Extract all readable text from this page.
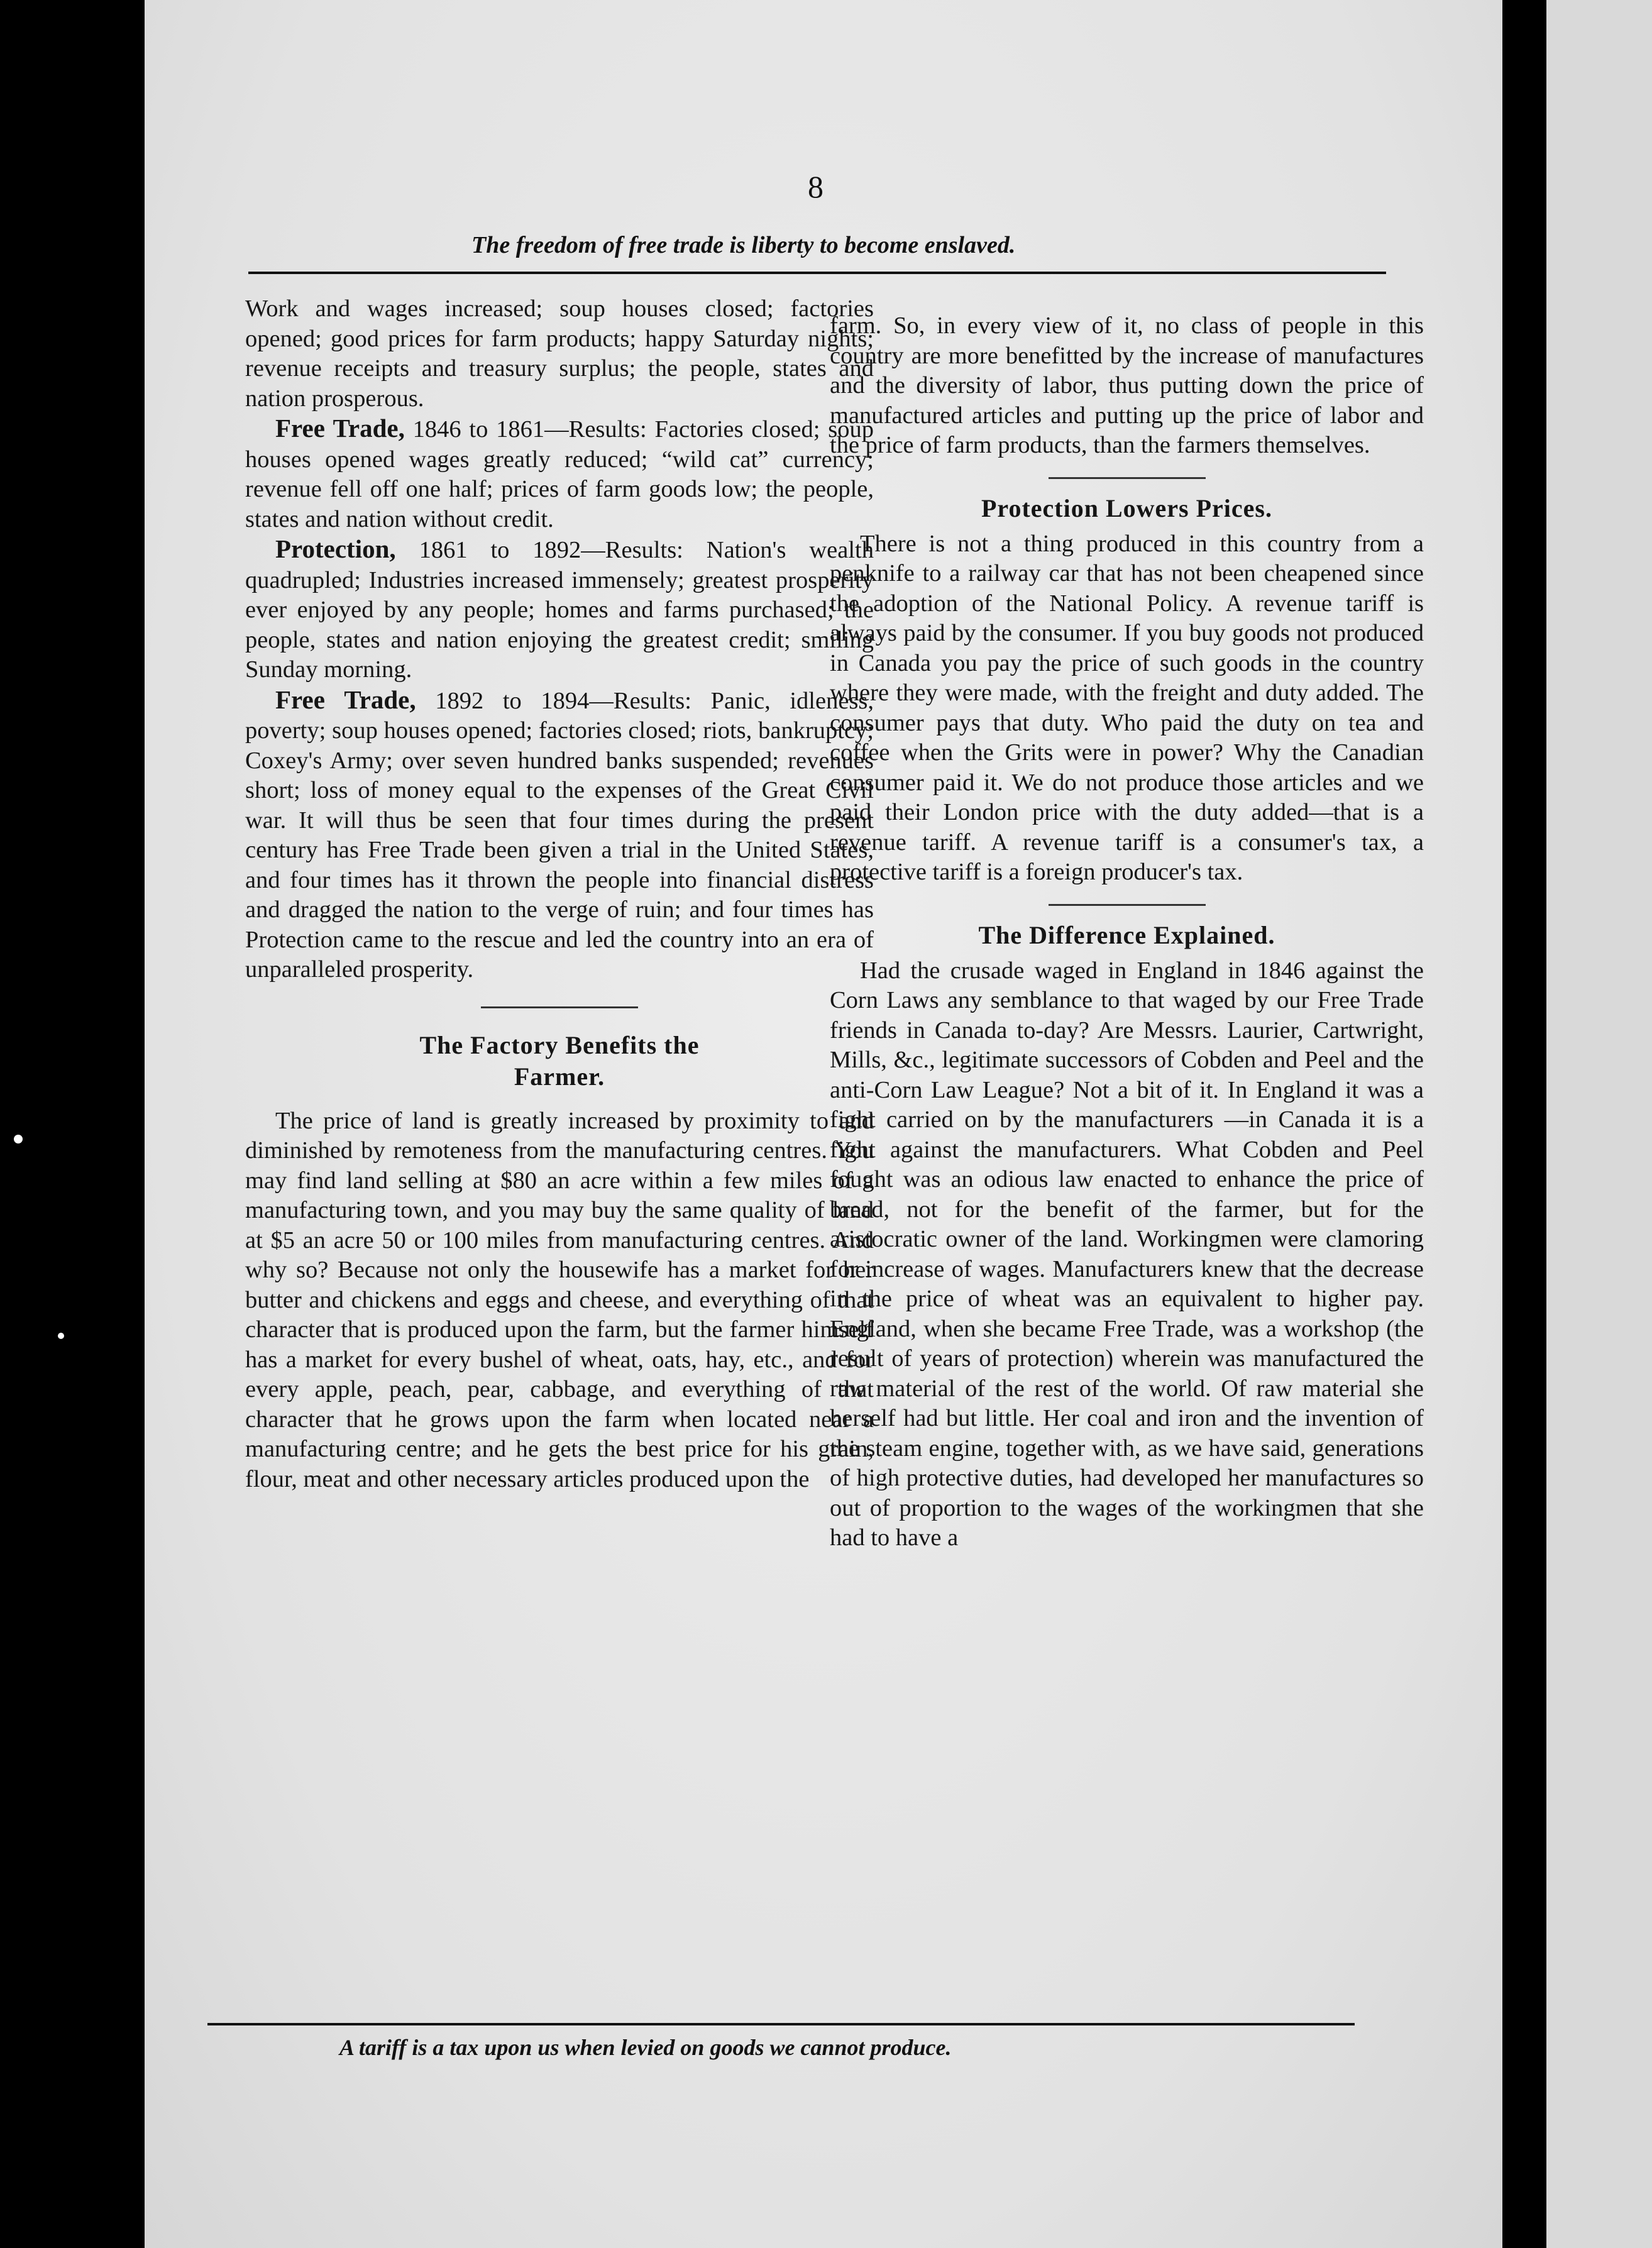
8
The freedom of free trade is liberty to become enslaved.

Work and wages increased; soup houses closed; factories opened; good prices for farm products; happy Saturday nights; revenue receipts and treasury surplus; the people, states and nation prosperous.

Free Trade, 1846 to 1861—Results: Factories closed; soup houses opened wages greatly reduced; “wild cat” currency; revenue fell off one half; prices of farm goods low; the people, states and nation without credit.

Protection, 1861 to 1892—Results: Nation's wealth quadrupled; Industries increased immensely; greatest prosperity ever enjoyed by any people; homes and farms purchased; the people, states and nation enjoying the greatest credit; smiling Sunday morning.

Free Trade, 1892 to 1894—Results: Panic, idleness, poverty; soup houses opened; factories closed; riots, bankruptcy; Coxey's Army; over seven hundred banks suspended; revenues short; loss of money equal to the expenses of the Great Civil war. It will thus be seen that four times during the present century has Free Trade been given a trial in the United States, and four times has it thrown the people into financial distress and dragged the nation to the verge of ruin; and four times has Protection came to the rescue and led the country into an era of unparalleled prosperity.

The Factory Benefits the

Farmer.

The price of land is greatly increased by proximity to and diminished by remoteness from the manufacturing centres. You may find land selling at $80 an acre within a few miles of a manufacturing town, and you may buy the same quality of land at $5 an acre 50 or 100 miles from manufacturing centres. And why so? Because not only the housewife has a market for her butter and chickens and eggs and cheese, and everything of that character that is produced upon the farm, but the farmer himself has a market for every bushel of wheat, oats, hay, etc., and for every apple, peach, pear, cabbage, and everything of that character that he grows upon the farm when located near a manufacturing centre; and he gets the best price for his grain, flour, meat and other necessary articles produced upon the

farm. So, in every view of it, no class of people in this country are more benefitted by the increase of manufactures and the diversity of labor, thus putting down the price of manufactured articles and putting up the price of labor and the price of farm products, than the farmers themselves.

Protection Lowers Prices.

There is not a thing produced in this country from a penknife to a railway car that has not been cheapened since the adoption of the National Policy. A revenue tariff is always paid by the consumer. If you buy goods not produced in Canada you pay the price of such goods in the country where they were made, with the freight and duty added. The consumer pays that duty. Who paid the duty on tea and coffee when the Grits were in power? Why the Canadian consumer paid it. We do not produce those articles and we paid their London price with the duty added—that is a revenue tariff. A revenue tariff is a consumer's tax, a protective tariff is a foreign producer's tax.

The Difference Explained.

Had the crusade waged in England in 1846 against the Corn Laws any semblance to that waged by our Free Trade friends in Canada to-day? Are Messrs. Laurier, Cartwright, Mills, &c., legitimate successors of Cobden and Peel and the anti-Corn Law League? Not a bit of it. In England it was a fight carried on by the manufacturers —in Canada it is a fight against the manufacturers. What Cobden and Peel fought was an odious law enacted to enhance the price of bread, not for the benefit of the farmer, but for the aristocratic owner of the land. Workingmen were clamoring for increase of wages. Manufacturers knew that the decrease in the price of wheat was an equivalent to higher pay. England, when she became Free Trade, was a workshop (the result of years of protection) wherein was manufactured the raw material of the rest of the world. Of raw material she herself had but little. Her coal and iron and the invention of the steam engine, together with, as we have said, generations of high protective duties, had developed her manufactures so out of proportion to the wages of the workingmen that she had to have a

A tariff is a tax upon us when levied on goods we cannot produce.
